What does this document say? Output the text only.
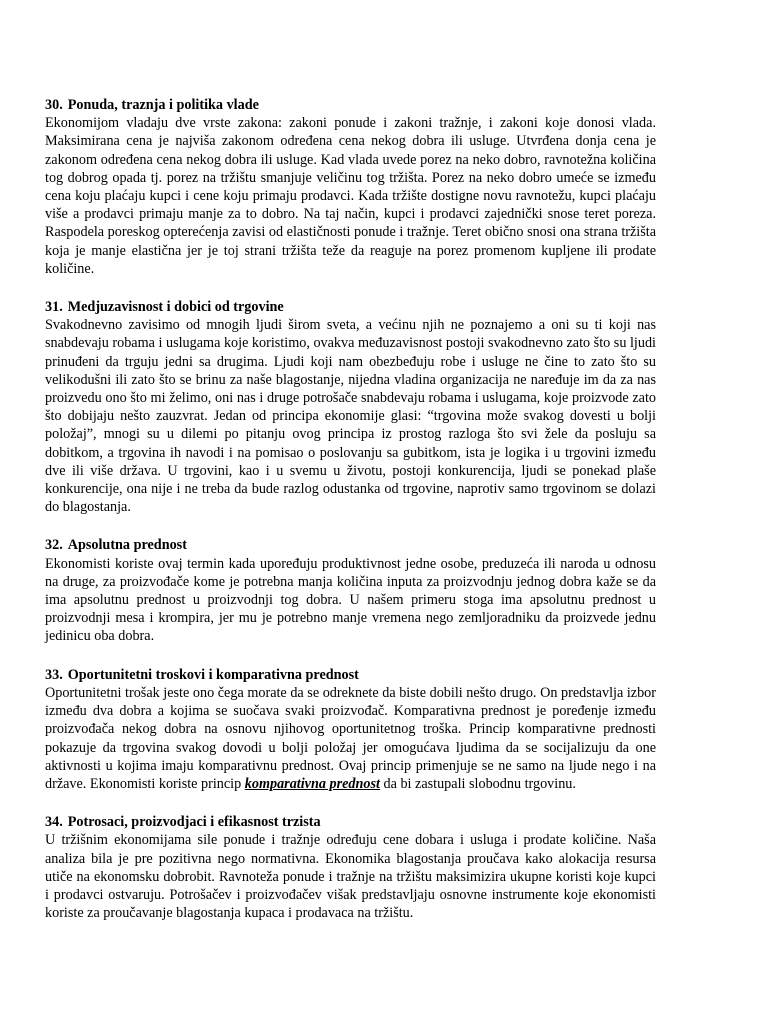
30. Ponuda, traznja i politika vlade

Ekonomijom vladaju dve vrste zakona: zakoni ponude i zakoni tražnje, i zakoni koje donosi vlada. Maksimirana cena je najviša zakonom određena cena nekog dobra ili usluge. Utvrđena donja cena je zakonom određena cena nekog dobra ili usluge. Kad vlada uvede porez na neko dobro, ravnotežna količina tog dobrog opada tj. porez na tržištu smanjuje veličinu tog tržišta. Porez na neko dobro umeće se između cena koju plaćaju kupci i cene koju primaju prodavci. Kada tržište dostigne novu ravnotežu, kupci plaćaju više a prodavci primaju manje za to dobro. Na taj način, kupci i prodavci zajednički snose teret poreza. Raspodela poreskog opterećenja zavisi od elastičnosti ponude i tražnje. Teret obično snosi ona strana tržišta koja je manje elastična jer je toj strani tržišta teže da reaguje na porez promenom kupljene ili prodate količine.

31. Medjuzavisnost i dobici od trgovine

Svakodnevno zavisimo od mnogih ljudi širom sveta, a većinu njih ne poznajemo a oni su ti koji nas snabdevaju robama i uslugama koje koristimo, ovakva međuzavisnost postoji svakodnevno zato što su ljudi prinuđeni da trguju jedni sa drugima. Ljudi koji nam obezbeđuju robe i usluge ne čine to zato što su velikodušni ili zato što se brinu za naše blagostanje, nijedna vladina organizacija ne naređuje im da za nas proizvedu ono što mi želimo, oni nas i druge potrošače snabdevaju robama i uslugama, koje proizvode zato što dobijaju nešto zauzvrat. Jedan od principa ekonomije glasi: “trgovina može svakog dovesti u bolji položaj”, mnogi su u dilemi po pitanju ovog principa iz prostog razloga što svi žele da posluju sa dobitkom, a trgovina ih navodi i na pomisao o poslovanju sa gubitkom, ista je logika i u trgovini između dve ili više država. U trgovini, kao i u svemu u životu, postoji konkurencija, ljudi se ponekad plaše konkurencije, ona nije i ne treba da bude razlog odustanka od trgovine, naprotiv samo trgovinom se dolazi do blagostanja.

32. Apsolutna prednost

Ekonomisti koriste ovaj termin kada upoređuju produktivnost jedne osobe, preduzeća ili naroda u odnosu na druge, za proizvođače kome je potrebna manja količina inputa za proizvodnju jednog dobra kaže se da ima apsolutnu prednost u proizvodnji tog dobra. U našem primeru stoga ima apsolutnu prednost u proizvodnji mesa i krompira, jer mu je potrebno manje vremena nego zemljoradniku da proizvede jednu jedinicu oba dobra.

33. Oportunitetni troskovi i komparativna prednost

Oportunitetni trošak jeste ono čega morate da se odreknete da biste dobili nešto drugo. On predstavlja izbor između dva dobra a kojima se suočava svaki proizvođač. Komparativna prednost je poređenje između proizvođača nekog dobra na osnovu njihovog oportunitetnog troška. Princip komparativne prednosti pokazuje da trgovina svakog dovodi u bolji položaj jer omogućava ljudima da se socijalizuju da one aktivnosti u kojima imaju komparativnu prednost. Ovaj princip primenjuje se ne samo na ljude nego i na države. Ekonomisti koriste princip komparativna prednost da bi zastupali slobodnu trgovinu.

34. Potrosaci, proizvodjaci i efikasnost trzista

U tržišnim ekonomijama sile ponude i tražnje određuju cene dobara i usluga i prodate količine. Naša analiza bila je pre pozitivna nego normativna. Ekonomika blagostanja proučava kako alokacija resursa utiče na ekonomsku dobrobit. Ravnoteža ponude i tražnje na tržištu maksimizira ukupne koristi koje kupci i prodavci ostvaruju. Potrošačev i proizvođačev višak predstavljaju osnovne instrumente koje ekonomisti koriste za proučavanje blagostanja kupaca i prodavaca na tržištu.
